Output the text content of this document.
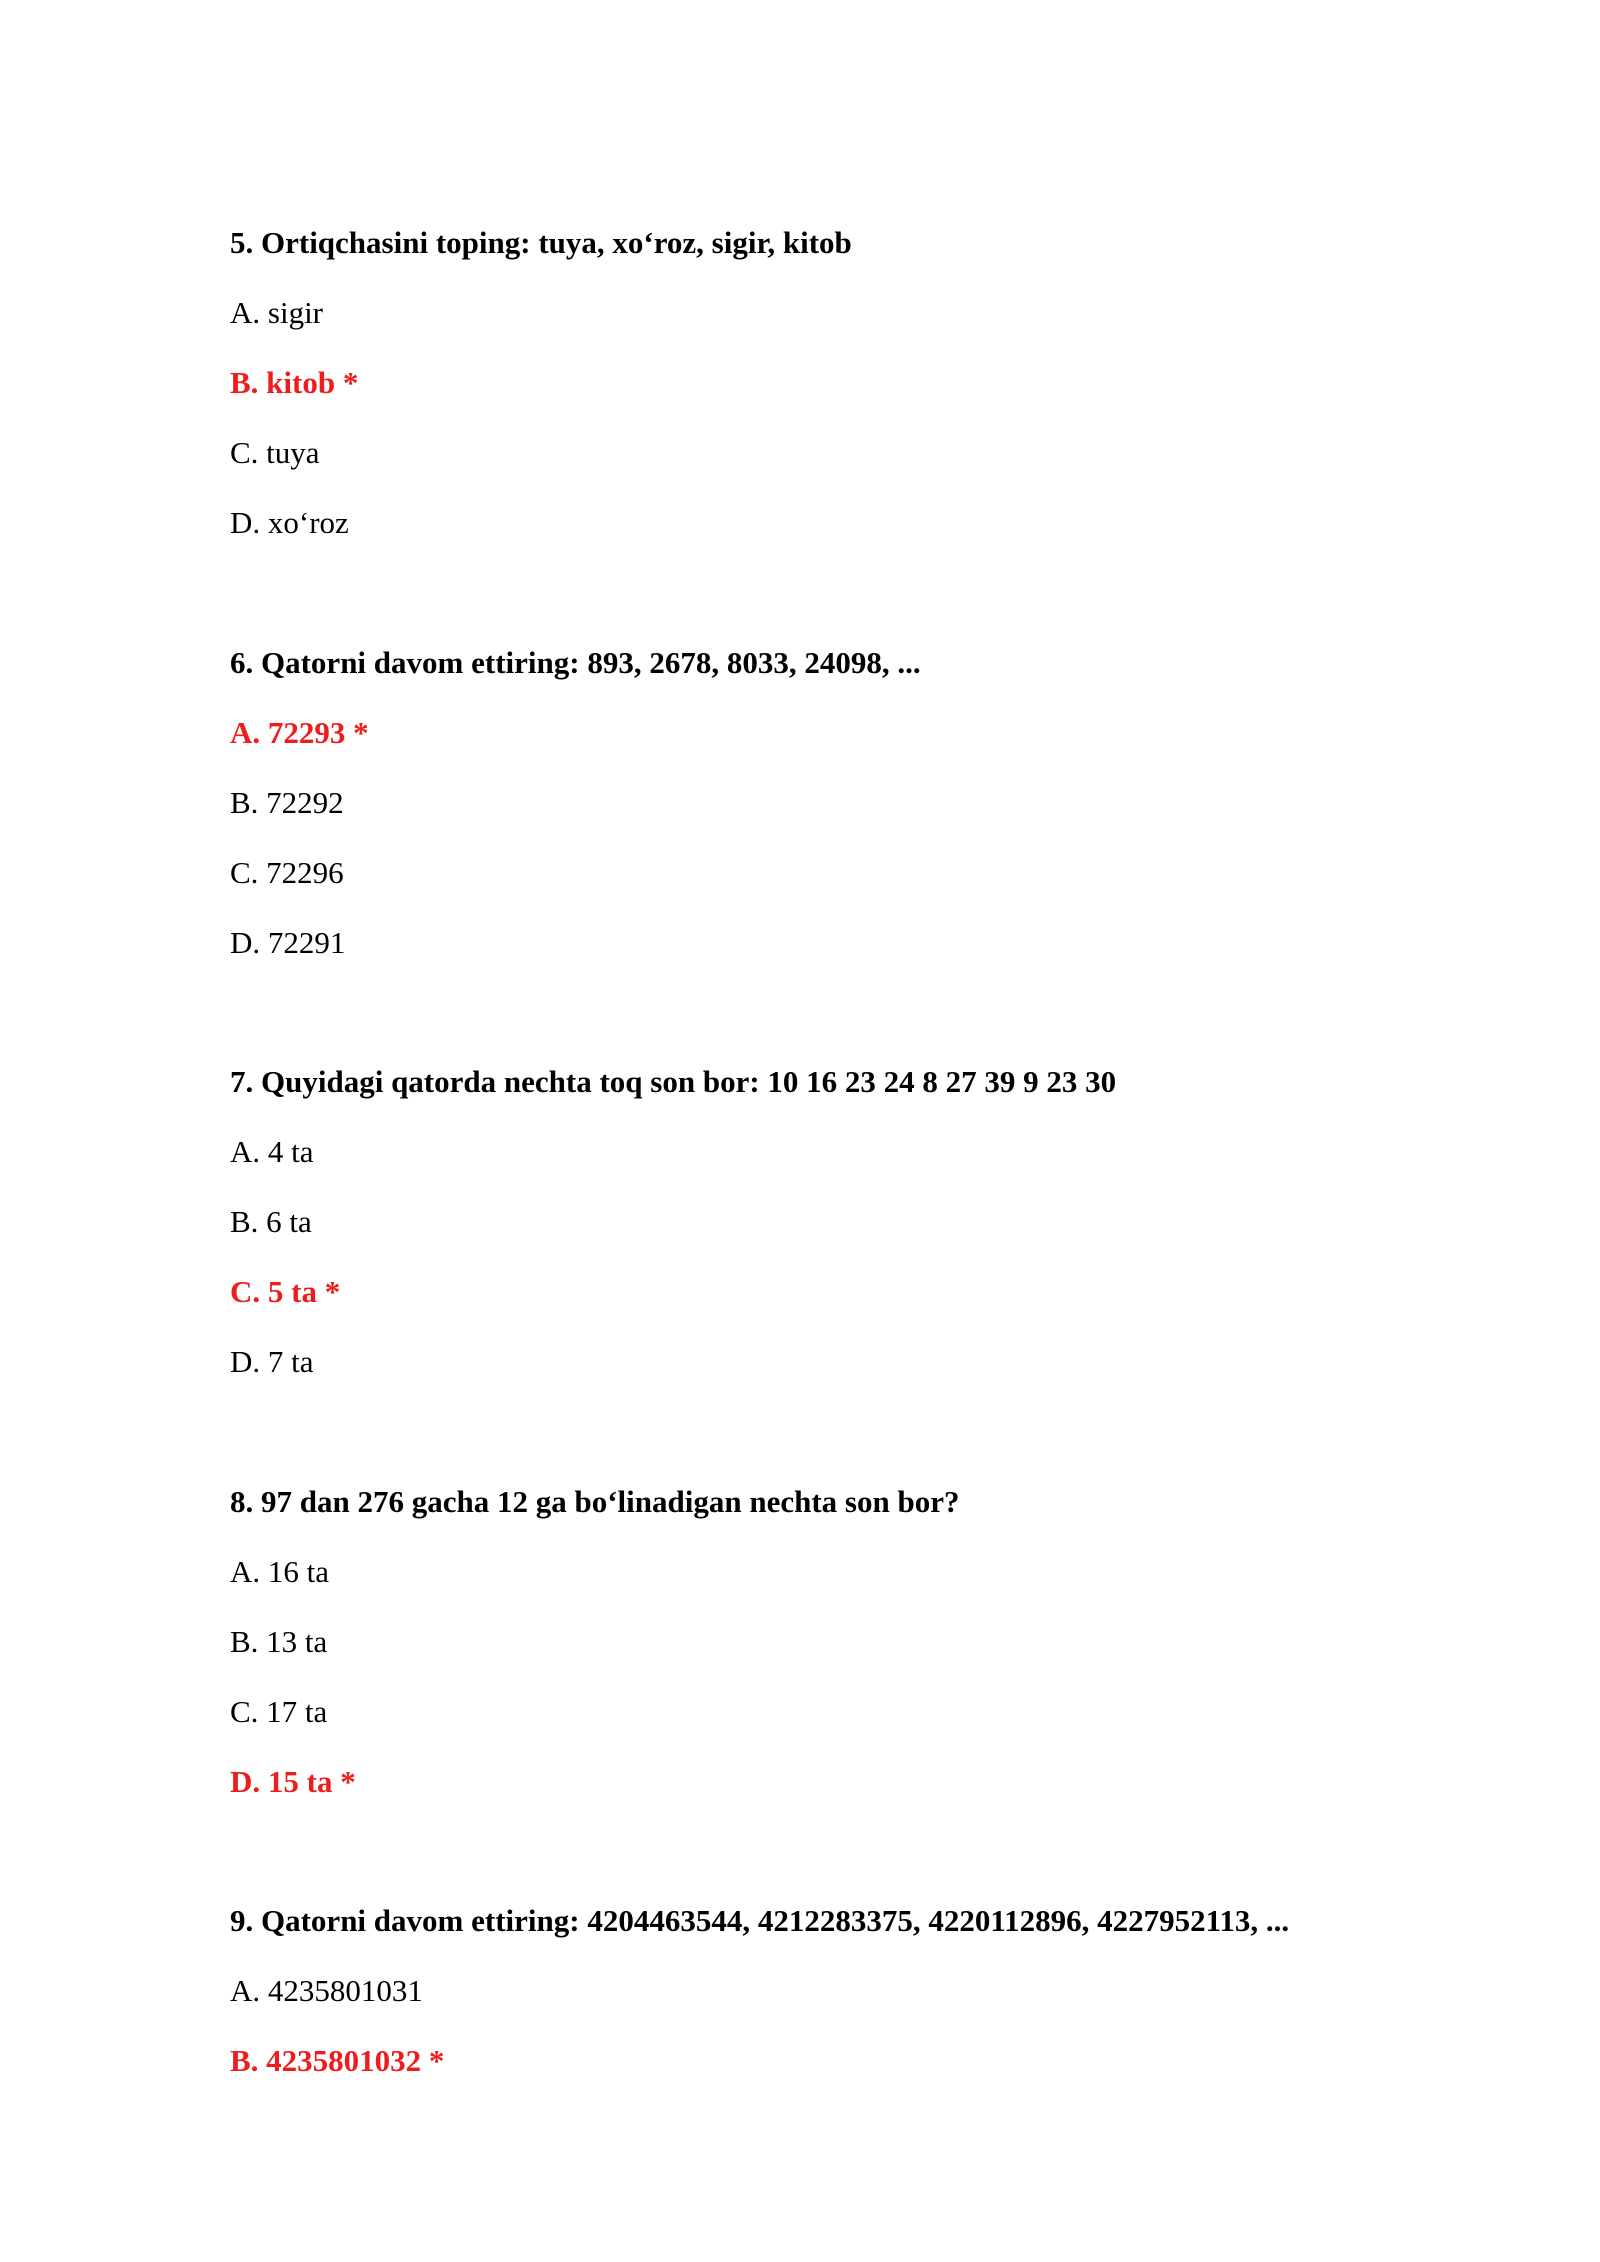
5. Ortiqchasini toping: tuya, xo‘roz, sigir, kitob

A. sigir

B. kitob *

C. tuya

D. xo‘roz

6. Qatorni davom ettiring: 893, 2678, 8033, 24098, ...

A. 72293 *

B. 72292

C. 72296

D. 72291

7. Quyidagi qatorda nechta toq son bor: 10 16 23 24 8 27 39 9 23 30

A. 4 ta

B. 6 ta

C. 5 ta *

D. 7 ta

8. 97 dan 276 gacha 12 ga bo‘linadigan nechta son bor?

A. 16 ta

B. 13 ta

C. 17 ta

D. 15 ta *

9. Qatorni davom ettiring: 4204463544, 4212283375, 4220112896, 4227952113, ...

A. 4235801031

B. 4235801032 *
